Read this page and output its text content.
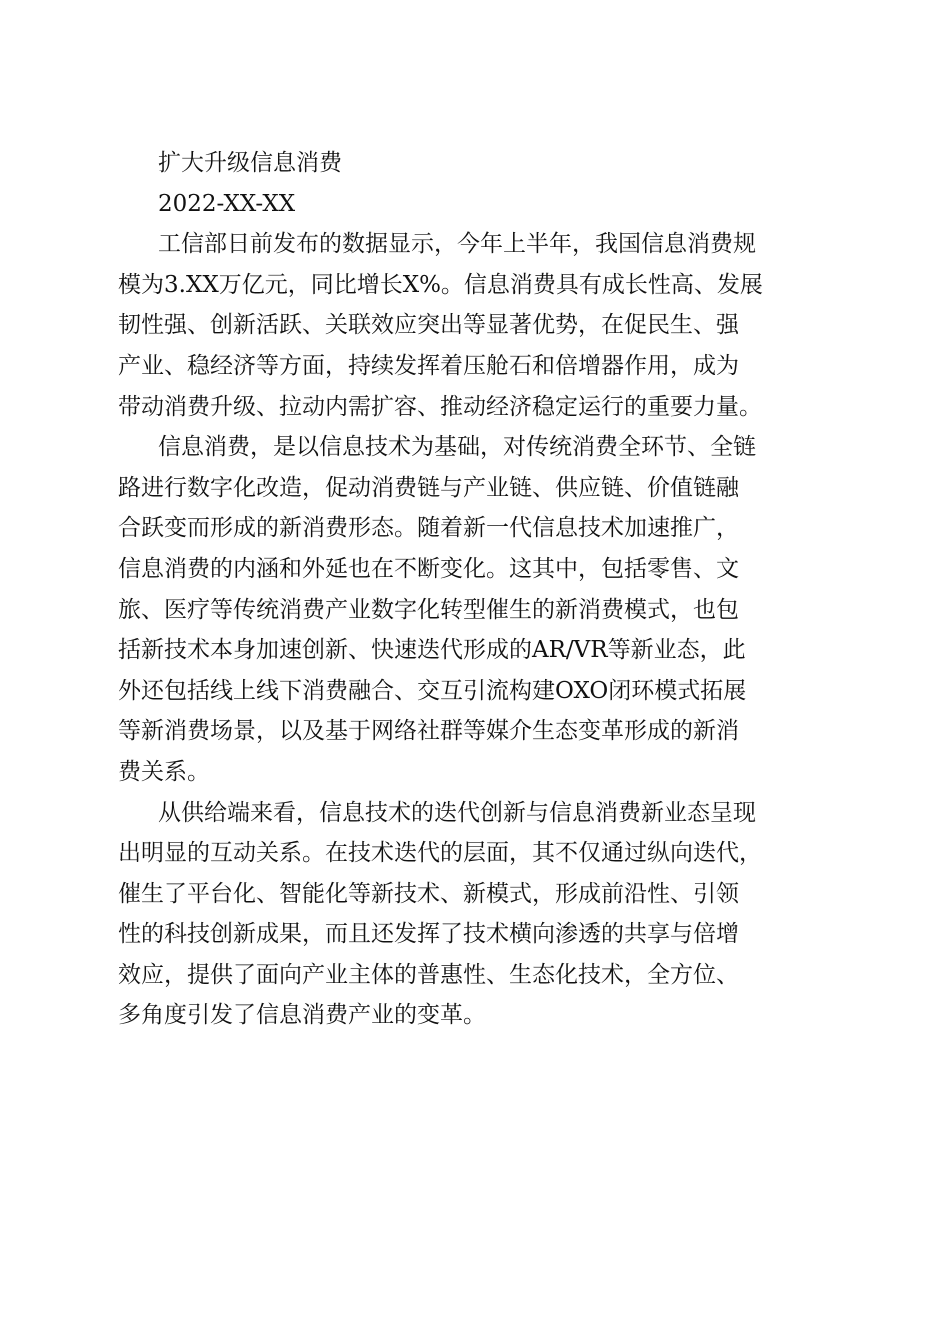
扩大升级信息消费

2022-XX-XX

工信部日前发布的数据显示，今年上半年，我国信息消费规

模为3.XX万亿元，同比增长X%。信息消费具有成长性高、发展

韧性强、创新活跃、关联效应突出等显著优势，在促民生、强

产业、稳经济等方面，持续发挥着压舱石和倍增器作用，成为

带动消费升级、拉动内需扩容、推动经济稳定运行的重要力量。

信息消费，是以信息技术为基础，对传统消费全环节、全链

路进行数字化改造，促动消费链与产业链、供应链、价值链融

合跃变而形成的新消费形态。随着新一代信息技术加速推广，

信息消费的内涵和外延也在不断变化。这其中，包括零售、文

旅、医疗等传统消费产业数字化转型催生的新消费模式，也包

括新技术本身加速创新、快速迭代形成的AR/VR等新业态，此

外还包括线上线下消费融合、交互引流构建OXO闭环模式拓展

等新消费场景，以及基于网络社群等媒介生态变革形成的新消

费关系。

从供给端来看，信息技术的迭代创新与信息消费新业态呈现

出明显的互动关系。在技术迭代的层面，其不仅通过纵向迭代，

催生了平台化、智能化等新技术、新模式，形成前沿性、引领

性的科技创新成果，而且还发挥了技术横向渗透的共享与倍增

效应，提供了面向产业主体的普惠性、生态化技术，全方位、

多角度引发了信息消费产业的变革。
